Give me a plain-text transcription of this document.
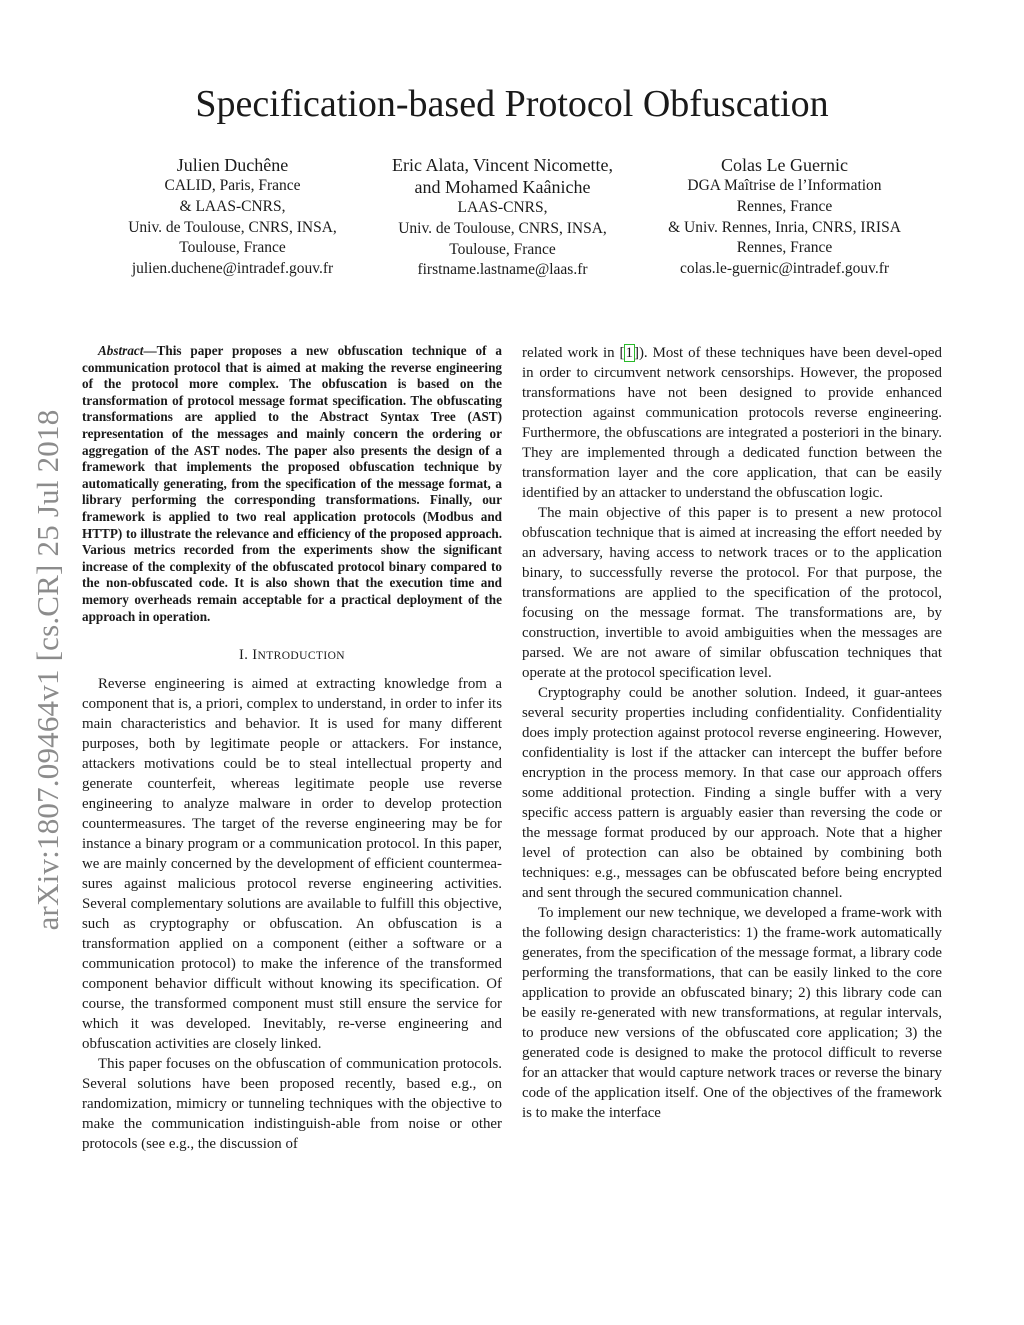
arXiv:1807.09464v1 [cs.CR] 25 Jul 2018
Specification-based Protocol Obfuscation
Julien Duchêne
CALID, Paris, France
& LAAS-CNRS,
Univ. de Toulouse, CNRS, INSA,
Toulouse, France
julien.duchene@intradef.gouv.fr
Eric Alata, Vincent Nicomette,
and Mohamed Kaâniche
LAAS-CNRS,
Univ. de Toulouse, CNRS, INSA,
Toulouse, France
firstname.lastname@laas.fr
Colas Le Guernic
DGA Maîtrise de l’Information
Rennes, France
& Univ. Rennes, Inria, CNRS, IRISA
Rennes, France
colas.le-guernic@intradef.gouv.fr

Abstract—This paper proposes a new obfuscation technique of a communication protocol that is aimed at making the reverse engineering of the protocol more complex. The obfuscation is based on the transformation of protocol message format specification. The obfuscating transformations are applied to the Abstract Syntax Tree (AST) representation of the messages and mainly concern the ordering or aggregation of the AST nodes. The paper also presents the design of a framework that implements the proposed obfuscation technique by automatically generating, from the specification of the message format, a library performing the corresponding transformations. Finally, our framework is applied to two real application protocols (Modbus and HTTP) to illustrate the relevance and efficiency of the proposed approach. Various metrics recorded from the experiments show the significant increase of the complexity of the obfuscated protocol binary compared to the non-obfuscated code. It is also shown that the execution time and memory overheads remain acceptable for a practical deployment of the approach in operation.

I. INTRODUCTION

Reverse engineering is aimed at extracting knowledge from a component that is, a priori, complex to understand, in order to infer its main characteristics and behavior. It is used for many different purposes, both by legitimate people or attackers. For instance, attackers motivations could be to steal intellectual property and generate counterfeit, whereas legitimate people use reverse engineering to analyze malware in order to develop protection countermeasures. The target of the reverse engineering may be for instance a binary program or a communication protocol. In this paper, we are mainly concerned by the development of efficient countermea-sures against malicious protocol reverse engineering activities. Several complementary solutions are available to fulfill this objective, such as cryptography or obfuscation. An obfuscation is a transformation applied on a component (either a software or a communication protocol) to make the inference of the transformed component behavior difficult without knowing its specification. Of course, the transformed component must still ensure the service for which it was developed. Inevitably, re-verse engineering and obfuscation activities are closely linked.

This paper focuses on the obfuscation of communication protocols. Several solutions have been proposed recently, based e.g., on randomization, mimicry or tunneling techniques with the objective to make the communication indistinguish-able from noise or other protocols (see e.g., the discussion of

related work in [1]). Most of these techniques have been devel-oped in order to circumvent network censorships. However, the proposed transformations have not been designed to provide enhanced protection against communication protocols reverse engineering. Furthermore, the obfuscations are integrated a posteriori in the binary. They are implemented through a dedicated function between the transformation layer and the core application, that can be easily identified by an attacker to understand the obfuscation logic.

The main objective of this paper is to present a new protocol obfuscation technique that is aimed at increasing the effort needed by an adversary, having access to network traces or to the application binary, to successfully reverse the protocol. For that purpose, the transformations are applied to the specification of the protocol, focusing on the message format. The transformations are, by construction, invertible to avoid ambiguities when the messages are parsed. We are not aware of similar obfuscation techniques that operate at the protocol specification level.

Cryptography could be another solution. Indeed, it guar-antees several security properties including confidentiality. Confidentiality does imply protection against protocol reverse engineering. However, confidentiality is lost if the attacker can intercept the buffer before encryption in the process memory. In that case our approach offers some additional protection. Finding a single buffer with a very specific access pattern is arguably easier than reversing the code or the message format produced by our approach. Note that a higher level of protection can also be obtained by combining both techniques: e.g., messages can be obfuscated before being encrypted and sent through the secured communication channel.

To implement our new technique, we developed a frame-work with the following design characteristics: 1) the frame-work automatically generates, from the specification of the message format, a library code performing the transformations, that can be easily linked to the core application to provide an obfuscated binary; 2) this library code can be easily re-generated with new transformations, at regular intervals, to produce new versions of the obfuscated core application; 3) the generated code is designed to make the protocol difficult to reverse for an attacker that would capture network traces or reverse the binary code of the application itself. One of the objectives of the framework is to make the interface
